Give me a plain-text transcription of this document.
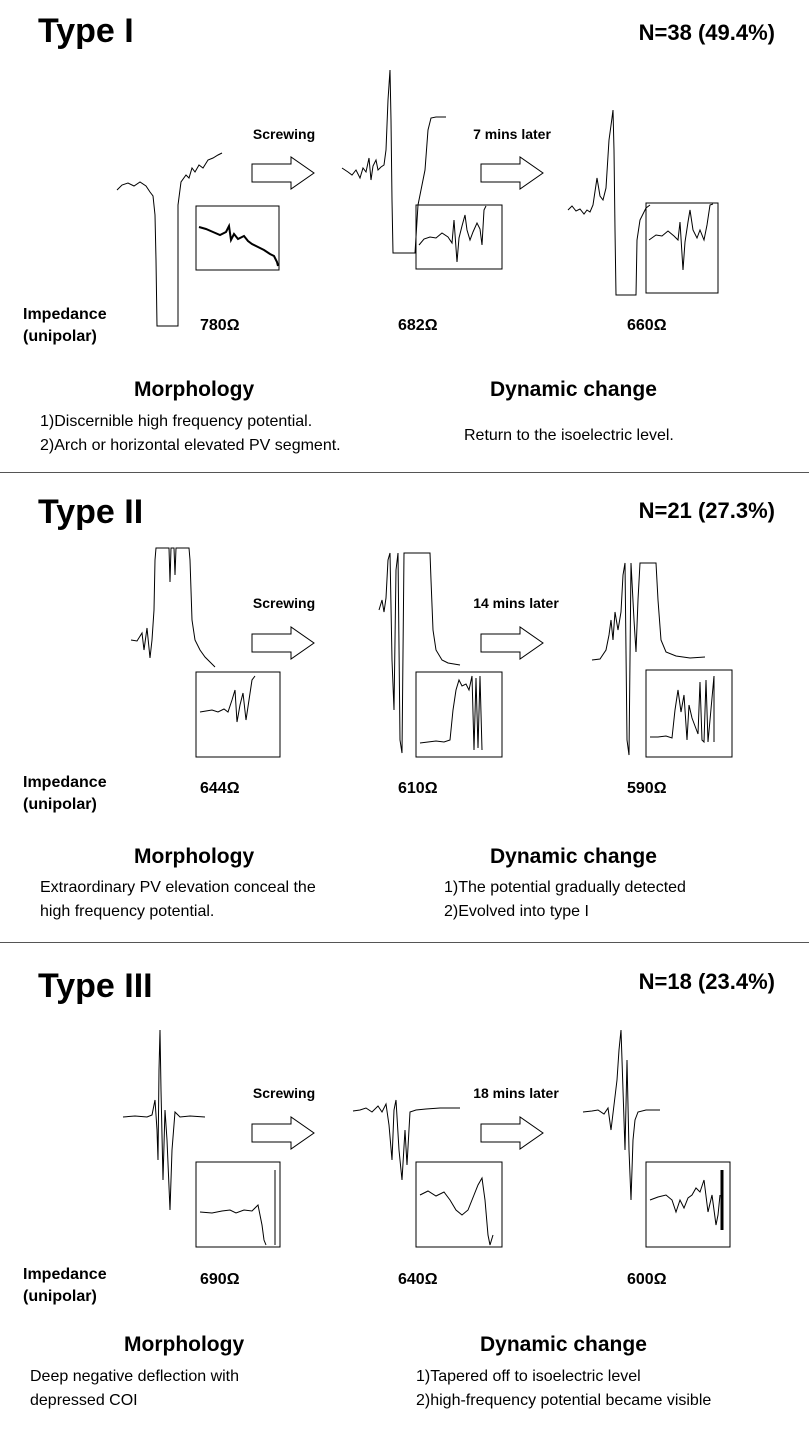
Type I	N=38 (49.4%)
Screwing	7 mins later
Impedance
(unipolar)
780Ω	682Ω	660Ω
Morphology
1)Discernible high frequency potential.
2)Arch or horizontal elevated PV segment.
Dynamic change
Return to the isoelectric level.
Type II	N=21 (27.3%)
Screwing	14 mins later
Impedance
(unipolar)
644Ω	610Ω	590Ω
Morphology
Extraordinary PV elevation conceal the
high frequency potential.
Dynamic change
1)The potential gradually detected
2)Evolved into type I
Type III	N=18 (23.4%)
Screwing	18 mins later
Impedance
(unipolar)
690Ω	640Ω	600Ω
Morphology
Deep negative deflection with
depressed COI
Dynamic change
1)Tapered off to isoelectric level
2)high-frequency potential became visible
